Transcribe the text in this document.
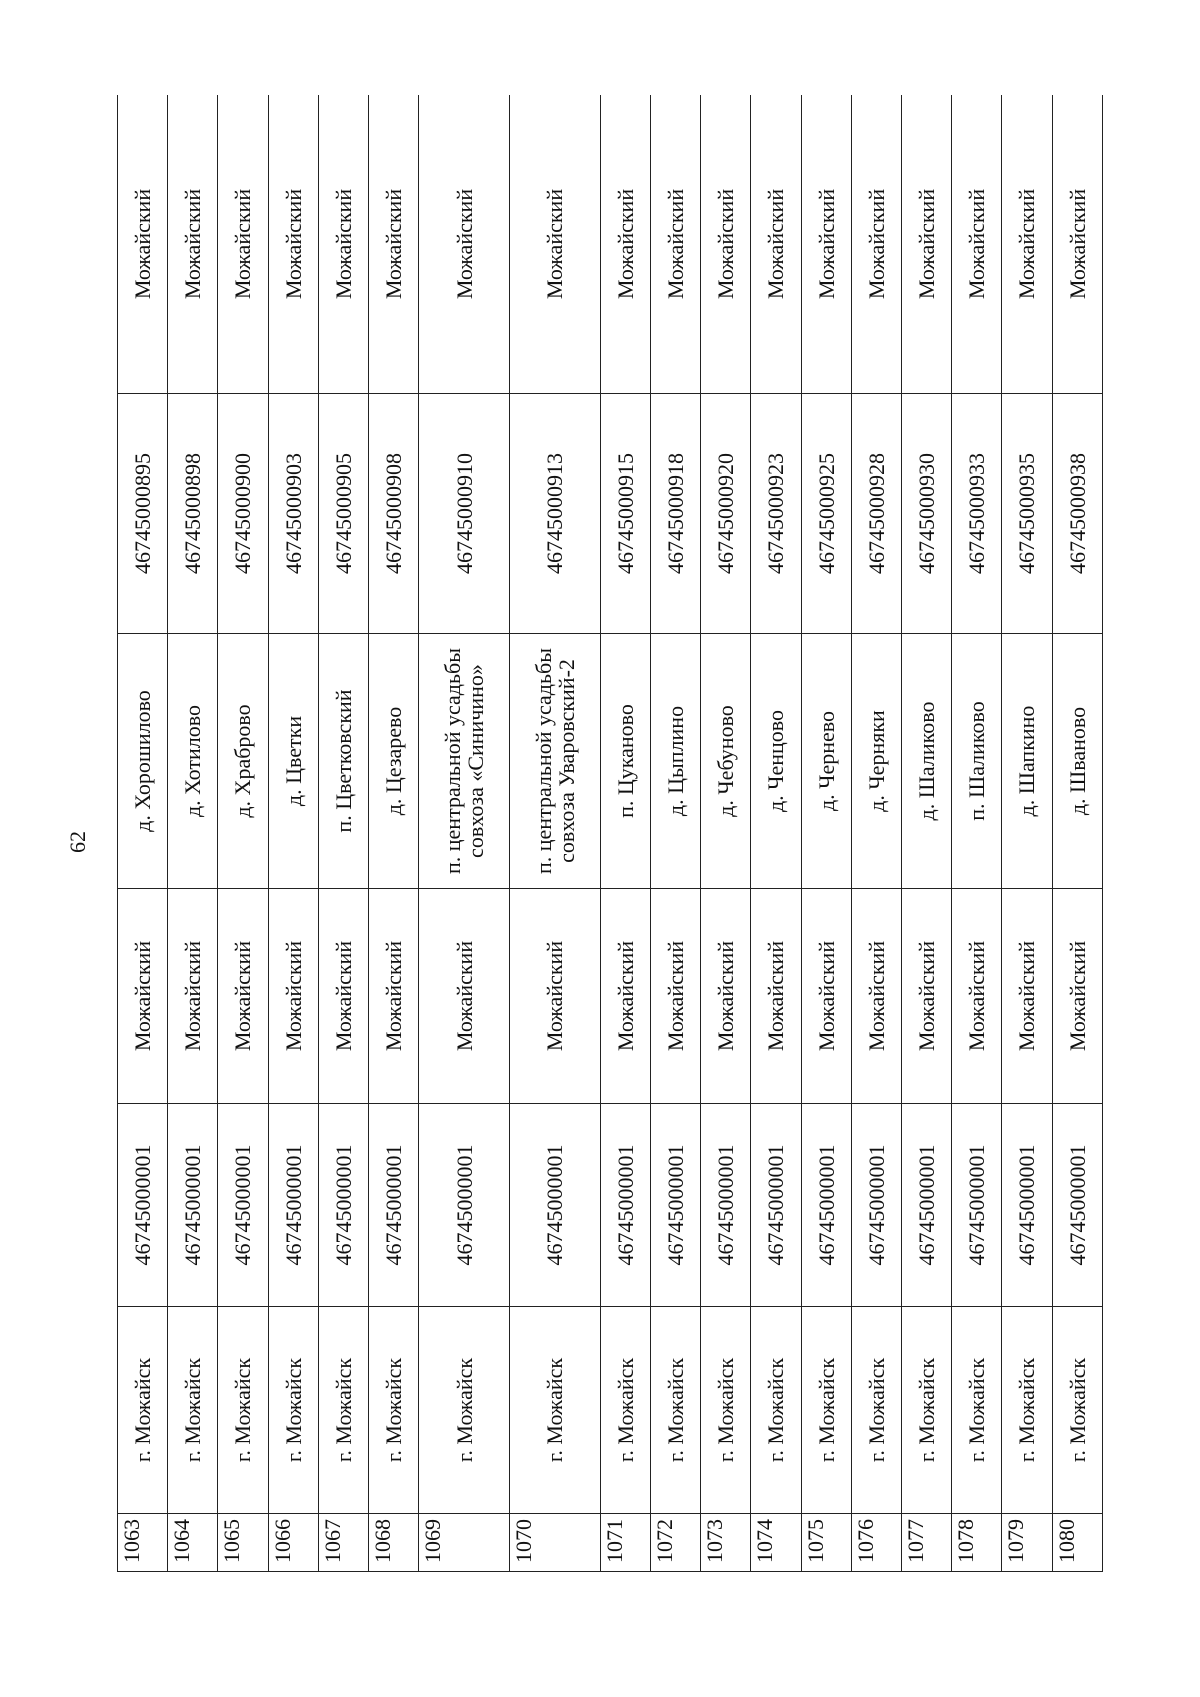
62
1063	г. Можайск	46745000001	Можайский	д. Хорошилово	46745000895	Можайский
1064	г. Можайск	46745000001	Можайский	д. Хотилово	46745000898	Можайский
1065	г. Можайск	46745000001	Можайский	д. Храброво	46745000900	Можайский
1066	г. Можайск	46745000001	Можайский	д. Цветки	46745000903	Можайский
1067	г. Можайск	46745000001	Можайский	п. Цветковский	46745000905	Можайский
1068	г. Можайск	46745000001	Можайский	д. Цезарево	46745000908	Можайский
1069	г. Можайск	46745000001	Можайский	п. центральной усадьбы совхоза «Синичино»	46745000910	Можайский
1070	г. Можайск	46745000001	Можайский	п. центральной усадьбы совхоза Уваровский-2	46745000913	Можайский
1071	г. Можайск	46745000001	Можайский	п. Цуканово	46745000915	Можайский
1072	г. Можайск	46745000001	Можайский	д. Цыплино	46745000918	Можайский
1073	г. Можайск	46745000001	Можайский	д. Чебуново	46745000920	Можайский
1074	г. Можайск	46745000001	Можайский	д. Ченцово	46745000923	Можайский
1075	г. Можайск	46745000001	Можайский	д. Чернево	46745000925	Можайский
1076	г. Можайск	46745000001	Можайский	д. Черняки	46745000928	Можайский
1077	г. Можайск	46745000001	Можайский	д. Шаликово	46745000930	Можайский
1078	г. Можайск	46745000001	Можайский	п. Шаликово	46745000933	Можайский
1079	г. Можайск	46745000001	Можайский	д. Шапкино	46745000935	Можайский
1080	г. Можайск	46745000001	Можайский	д. Шваново	46745000938	Можайский
